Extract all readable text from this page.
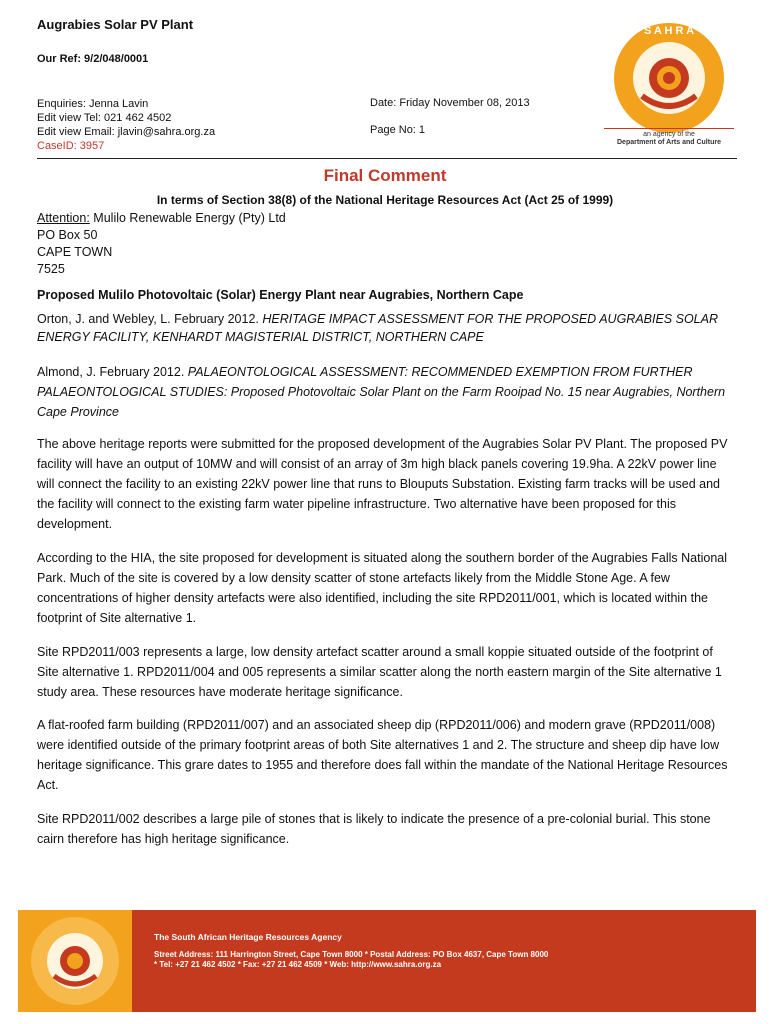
Augrabies Solar PV Plant
Our Ref: 9/2/048/0001
Enquiries: Jenna Lavin
Edit view Tel: 021 462 4502
Edit view Email: jlavin@sahra.org.za
CaseID: 3957
Date: Friday November 08, 2013
Page No: 1
S A H R A
an agency of the
Department of Arts and Culture
Final Comment
In terms of Section 38(8) of the National Heritage Resources Act (Act 25 of 1999)
Attention: Mulilo Renewable Energy (Pty) Ltd
PO Box 50
CAPE TOWN
7525
Proposed Mulilo Photovoltaic (Solar) Energy Plant near Augrabies, Northern Cape
Orton, J. and Webley, L. February 2012. HERITAGE IMPACT ASSESSMENT FOR THE PROPOSED AUGRABIES SOLAR ENERGY FACILITY, KENHARDT MAGISTERIAL DISTRICT, NORTHERN CAPE
Almond, J. February 2012. PALAEONTOLOGICAL ASSESSMENT: RECOMMENDED EXEMPTION FROM FURTHER PALAEONTOLOGICAL STUDIES: Proposed Photovoltaic Solar Plant on the Farm Rooipad No. 15 near Augrabies, Northern Cape Province
The above heritage reports were submitted for the proposed development of the Augrabies Solar PV Plant. The proposed PV facility will have an output of 10MW and will consist of an array of 3m high black panels covering 19.9ha. A 22kV power line will connect the facility to an existing 22kV power line that runs to Blouputs Substation. Existing farm tracks will be used and the facility will connect to the existing farm water pipeline infrastructure. Two alternative have been proposed for this development.
According to the HIA, the site proposed for development is situated along the southern border of the Augrabies Falls National Park. Much of the site is covered by a low density scatter of stone artefacts likely from the Middle Stone Age. A few concentrations of higher density artefacts were also identified, including the site RPD2011/001, which is located within the footprint of Site alternative 1.
Site RPD2011/003 represents a large, low density artefact scatter around a small koppie situated outside of the footprint of Site alternative 1. RPD2011/004 and 005 represents a similar scatter along the north eastern margin of the Site alternative 1 study area. These resources have moderate heritage significance.
A flat-roofed farm building (RPD2011/007) and an associated sheep dip (RPD2011/006) and modern grave (RPD2011/008) were identified outside of the primary footprint areas of both Site alternatives 1 and 2. The structure and sheep dip have low heritage significance. This grare dates to 1955 and therefore does fall within the mandate of the National Heritage Resources Act.
Site RPD2011/002 describes a large pile of stones that is likely to indicate the presence of a pre-colonial burial. This stone cairn therefore has high heritage significance.
The South African Heritage Resources Agency
Street Address: 111 Harrington Street, Cape Town 8000 * Postal Address: PO Box 4637, Cape Town 8000
* Tel: +27 21 462 4502 * Fax: +27 21 462 4509 * Web: http://www.sahra.org.za
